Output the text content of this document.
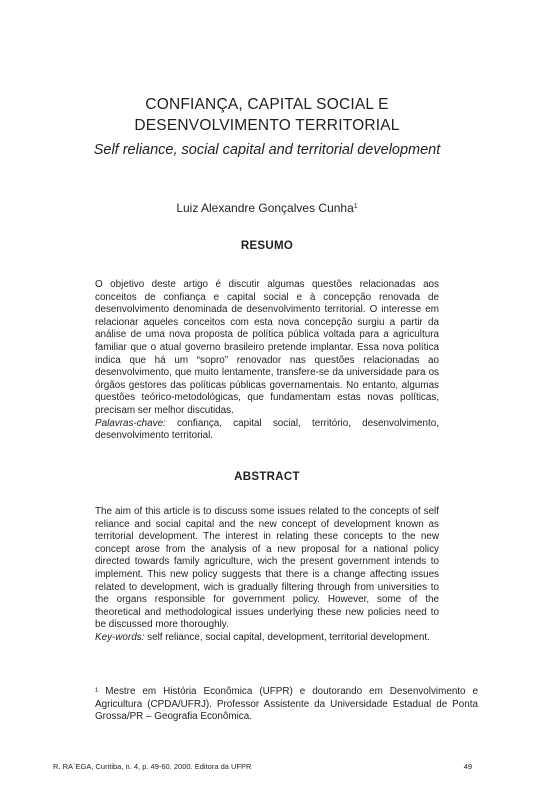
CONFIANÇA, CAPITAL SOCIAL E
DESENVOLVIMENTO TERRITORIAL
Self reliance, social capital and territorial development
Luiz Alexandre Gonçalves Cunha$^1$
RESUMO

O objetivo deste artigo é discutir algumas questões relacionadas aos conceitos de confiança e capital social e à concepção renovada de desenvolvimento denominada de desenvolvimento territorial. O interesse em relacionar aqueles conceitos com esta nova concepção surgiu a partir da análise de uma nova proposta de política pública voltada para a agricultura familiar que o atual governo brasileiro pretende implantar. Essa nova política indica que há um “sopro” renovador nas questões relacionadas ao desenvolvimento, que muito lentamente, transfere-se da universidade para os órgãos gestores das políticas públicas governamentais. No entanto, algumas questões teórico-metodológicas, que fundamentam estas novas políticas, precisam ser melhor discutidas.

Palavras-chave: confiança, capital social, território, desenvolvimento, desenvolvimento territorial.

ABSTRACT

The aim of this article is to discuss some issues related to the concepts of self reliance and social capital and the new concept of development known as territorial development. The interest in relating these concepts to the new concept arose from the analysis of a new proposal for a national policy directed towards family agriculture, wich the present government intends to implement. This new policy suggests that there is a change affecting issues related to development, wich is gradually filtering through from universities to the organs responsible for government policy. However, some of the theoretical and methodological issues underlying these new policies need to be discussed more thoroughly.

Key-words: self reliance, social capital, development, territorial development.

¹ Mestre em História Econômica (UFPR) e doutorando em Desenvolvimento e Agricultura (CPDA/UFRJ). Professor Assistente da Universidade Estadual de Ponta Grossa/PR – Geografia Econômica.

R. RA´EGA, Curitiba, n. 4, p. 49-60. 2000. Editora da UFPR	49
